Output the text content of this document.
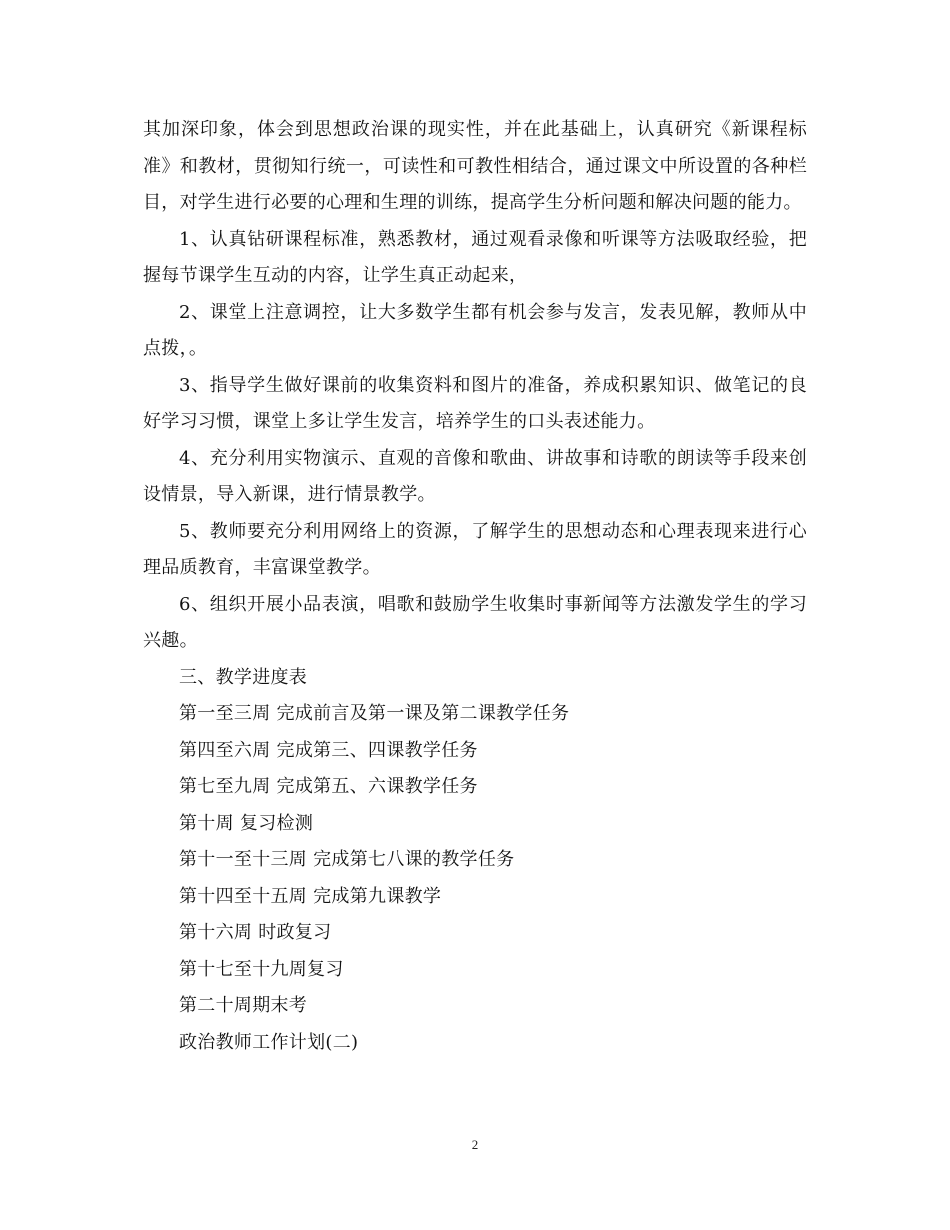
其加深印象，体会到思想政治课的现实性，并在此基础上，认真研究《新课程标准》和教材，贯彻知行统一，可读性和可教性相结合，通过课文中所设置的各种栏目，对学生进行必要的心理和生理的训练，提高学生分析问题和解决问题的能力。

1、认真钻研课程标准，熟悉教材，通过观看录像和听课等方法吸取经验，把握每节课学生互动的内容，让学生真正动起来，

2、课堂上注意调控，让大多数学生都有机会参与发言，发表见解，教师从中点拨，。

3、指导学生做好课前的收集资料和图片的准备，养成积累知识、做笔记的良好学习习惯，课堂上多让学生发言，培养学生的口头表述能力。

4、充分利用实物演示、直观的音像和歌曲、讲故事和诗歌的朗读等手段来创设情景，导入新课，进行情景教学。

5、教师要充分利用网络上的资源，了解学生的思想动态和心理表现来进行心理品质教育，丰富课堂教学。

6、组织开展小品表演，唱歌和鼓励学生收集时事新闻等方法激发学生的学习兴趣。

三、教学进度表

第一至三周 完成前言及第一课及第二课教学任务
第四至六周 完成第三、四课教学任务
第七至九周 完成第五、六课教学任务
第十周 复习检测
第十一至十三周 完成第七八课的教学任务
第十四至十五周 完成第九课教学
第十六周 时政复习
第十七至十九周复习
第二十周期末考
政治教师工作计划(二)
2
